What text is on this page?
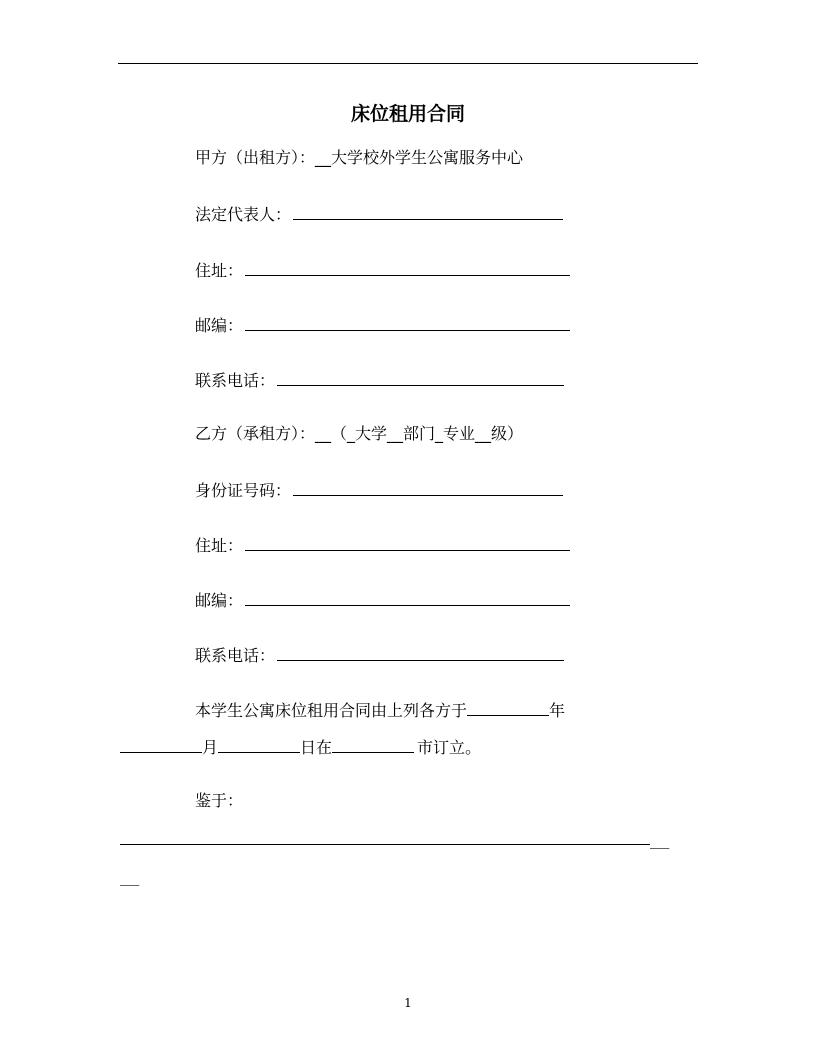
床位租用合同

甲方（出租方）：__大学校外学生公寓服务中心

法定代表人：

住址：

邮编：

联系电话：

乙方（承租方）：__（_大学__部门_专业__级）

身份证号码：

住址：

邮编：

联系电话：

本学生公寓床位租用合同由上列各方于	年

月	日在	市订立。

鉴于：

__

__

1
